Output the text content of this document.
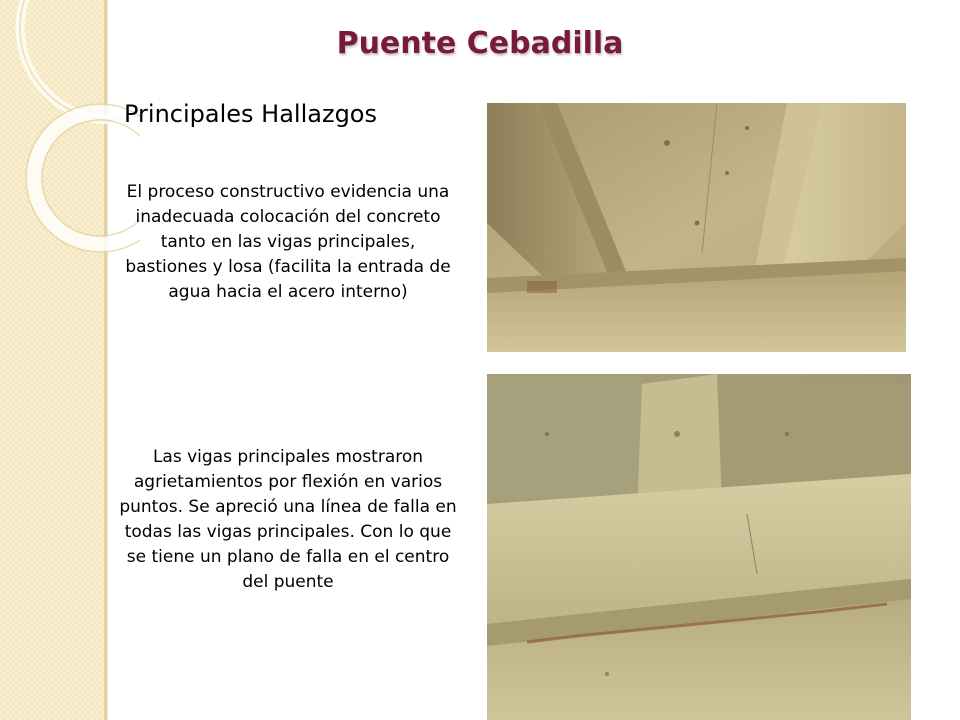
Puente Cebadilla
Principales Hallazgos
El proceso constructivo evidencia una inadecuada colocación del concreto tanto en las vigas principales, bastiones y losa (facilita la entrada de agua hacia el acero interno)
Las vigas principales mostraron agrietamientos por flexión en varios puntos. Se apreció una línea de falla en todas las vigas principales. Con lo que se tiene un plano de falla en el centro del puente
